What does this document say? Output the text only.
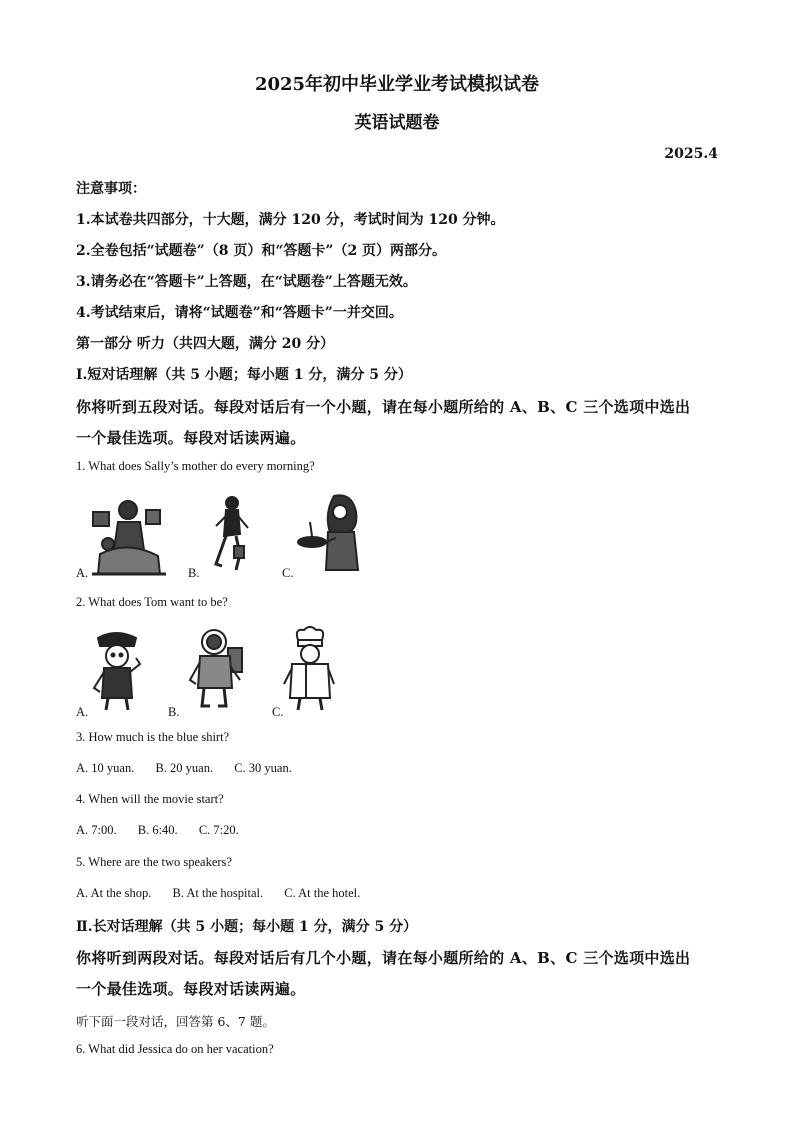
2025年初中毕业学业考试模拟试卷
英语试题卷
2025.4
注意事项：
1.本试卷共四部分，十大题，满分 120 分，考试时间为 120 分钟。
2.全卷包括“试题卷”（8 页）和“答题卡”（2 页）两部分。
3.请务必在“答题卡”上答题，在“试题卷”上答题无效。
4.考试结束后，请将“试题卷”和“答题卡”一并交回。
第一部分 听力（共四大题，满分 20 分）
Ⅰ.短对话理解（共 5 小题；每小题 1 分，满分 5 分）
你将听到五段对话。每段对话后有一个小题，请在每小题所给的 A、B、C 三个选项中选出
一个最佳选项。每段对话读两遍。
1. What does Sally’s mother do every morning?
A.	B.	C.
2. What does Tom want to be?
A.	B.	C.
3. How much is the blue shirt?
A. 10 yuan. B. 20 yuan. C. 30 yuan.
4. When will the movie start?
A. 7:00. B. 6:40. C. 7:20.
5. Where are the two speakers?
A. At the shop. B. At the hospital. C. At the hotel.
Ⅱ.长对话理解（共 5 小题；每小题 1 分，满分 5 分）
你将听到两段对话。每段对话后有几个小题，请在每小题所给的 A、B、C 三个选项中选出
一个最佳选项。每段对话读两遍。
听下面一段对话，回答第 6、7 题。
6. What did Jessica do on her vacation?
